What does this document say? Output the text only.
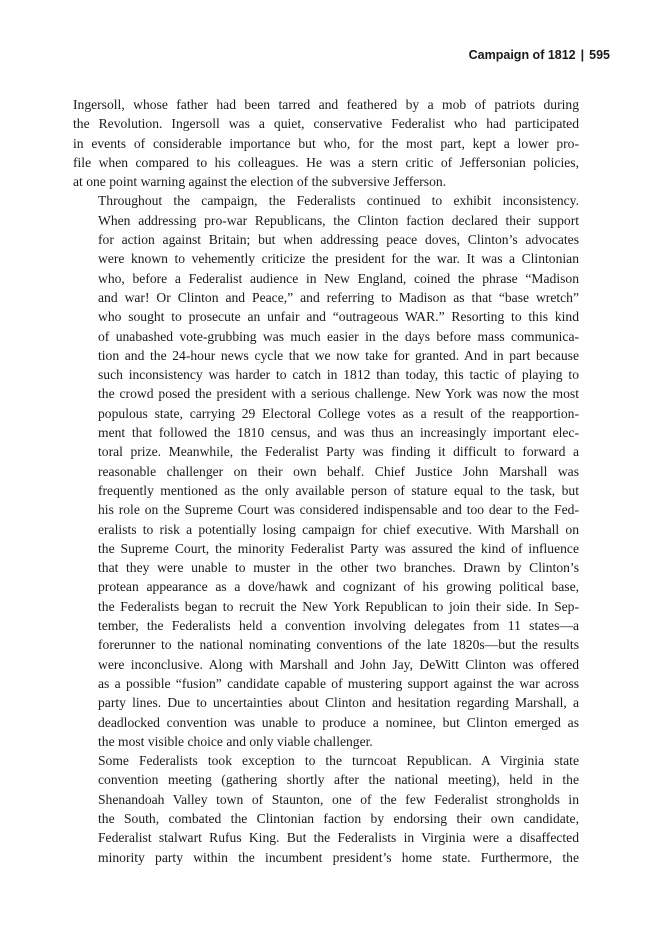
Campaign of 1812 | 595

Ingersoll, whose father had been tarred and feathered by a mob of patriots during
the Revolution. Ingersoll was a quiet, conservative Federalist who had participated
in events of considerable importance but who, for the most part, kept a lower pro-
file when compared to his colleagues. He was a stern critic of Jeffersonian policies,
at one point warning against the election of the subversive Jefferson.

Throughout the campaign, the Federalists continued to exhibit inconsistency.
When addressing pro-war Republicans, the Clinton faction declared their support
for action against Britain; but when addressing peace doves, Clinton’s advocates
were known to vehemently criticize the president for the war. It was a Clintonian
who, before a Federalist audience in New England, coined the phrase “Madison
and war! Or Clinton and Peace,” and referring to Madison as that “base wretch”
who sought to prosecute an unfair and “outrageous WAR.” Resorting to this kind
of unabashed vote-grubbing was much easier in the days before mass communica-
tion and the 24-hour news cycle that we now take for granted. And in part because
such inconsistency was harder to catch in 1812 than today, this tactic of playing to
the crowd posed the president with a serious challenge. New York was now the most
populous state, carrying 29 Electoral College votes as a result of the reapportion-
ment that followed the 1810 census, and was thus an increasingly important elec-
toral prize. Meanwhile, the Federalist Party was finding it difficult to forward a
reasonable challenger on their own behalf. Chief Justice John Marshall was
frequently mentioned as the only available person of stature equal to the task, but
his role on the Supreme Court was considered indispensable and too dear to the Fed-
eralists to risk a potentially losing campaign for chief executive. With Marshall on
the Supreme Court, the minority Federalist Party was assured the kind of influence
that they were unable to muster in the other two branches. Drawn by Clinton’s
protean appearance as a dove/hawk and cognizant of his growing political base,
the Federalists began to recruit the New York Republican to join their side. In Sep-
tember, the Federalists held a convention involving delegates from 11 states—a
forerunner to the national nominating conventions of the late 1820s—but the results
were inconclusive. Along with Marshall and John Jay, DeWitt Clinton was offered
as a possible “fusion” candidate capable of mustering support against the war across
party lines. Due to uncertainties about Clinton and hesitation regarding Marshall, a
deadlocked convention was unable to produce a nominee, but Clinton emerged as
the most visible choice and only viable challenger.

Some Federalists took exception to the turncoat Republican. A Virginia state
convention meeting (gathering shortly after the national meeting), held in the
Shenandoah Valley town of Staunton, one of the few Federalist strongholds in
the South, combated the Clintonian faction by endorsing their own candidate,
Federalist stalwart Rufus King. But the Federalists in Virginia were a disaffected
minority party within the incumbent president’s home state. Furthermore, the
